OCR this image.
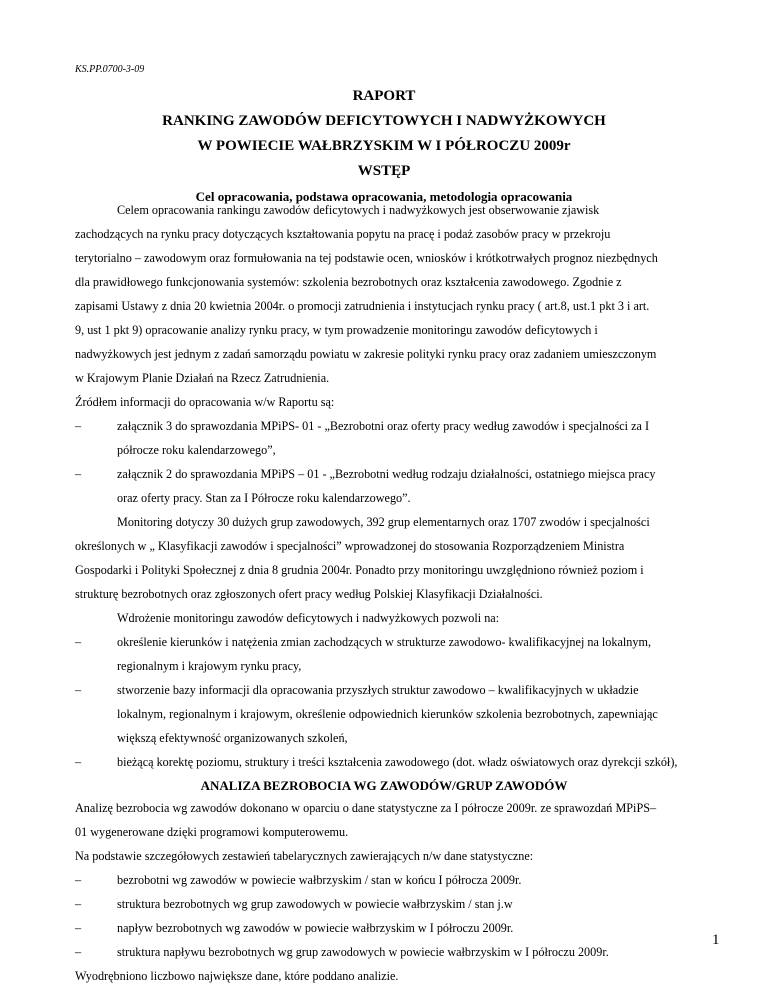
KS.PP.0700-3-09
RAPORT
RANKING ZAWODÓW DEFICYTOWYCH I NADWYŻKOWYCH
W POWIECIE WAŁBRZYSKIM W I PÓŁROCZU 2009r
WSTĘP
Cel opracowania, podstawa opracowania, metodologia opracowania
Celem opracowania rankingu zawodów deficytowych i nadwyżkowych jest obserwowanie zjawisk
zachodzących na rynku pracy dotyczących kształtowania popytu na pracę i podaż zasobów pracy w przekroju
terytorialno – zawodowym oraz formułowania na tej podstawie ocen, wniosków i krótkotrwałych prognoz niezbędnych
dla prawidłowego funkcjonowania systemów: szkolenia bezrobotnych oraz kształcenia zawodowego. Zgodnie z
zapisami Ustawy z dnia 20 kwietnia 2004r. o promocji zatrudnienia i instytucjach rynku pracy ( art.8, ust.1 pkt 3 i art.
9, ust 1 pkt 9) opracowanie analizy rynku pracy, w tym prowadzenie monitoringu zawodów deficytowych i
nadwyżkowych jest jednym z zadań samorządu powiatu w zakresie polityki rynku pracy oraz zadaniem umieszczonym
w Krajowym Planie Działań na Rzecz Zatrudnienia.
Źródłem informacji do opracowania w/w Raportu są:
–	załącznik 3 do sprawozdania MPiPS- 01 - „Bezrobotni oraz oferty pracy według zawodów i specjalności za I
półrocze roku kalendarzowego”,
–	załącznik 2 do sprawozdania MPiPS – 01 - „Bezrobotni według rodzaju działalności, ostatniego miejsca pracy
oraz oferty pracy. Stan za I Półrocze roku kalendarzowego”.
Monitoring dotyczy 30 dużych grup zawodowych, 392 grup elementarnych oraz 1707 zwodów i specjalności
określonych w „ Klasyfikacji zawodów i specjalności” wprowadzonej do stosowania Rozporządzeniem Ministra
Gospodarki i Polityki Społecznej z dnia 8 grudnia 2004r. Ponadto przy monitoringu uwzględniono również poziom i
strukturę bezrobotnych oraz zgłoszonych ofert pracy według Polskiej Klasyfikacji Działalności.
Wdrożenie monitoringu zawodów deficytowych i nadwyżkowych pozwoli na:
–	określenie kierunków i natężenia zmian zachodzących w strukturze zawodowo- kwalifikacyjnej na lokalnym,
regionalnym i krajowym rynku pracy,
–	stworzenie bazy informacji dla opracowania przyszłych struktur zawodowo – kwalifikacyjnych w układzie
lokalnym, regionalnym i krajowym, określenie odpowiednich kierunków szkolenia bezrobotnych, zapewniając
większą efektywność organizowanych szkoleń,
–	bieżącą korektę poziomu, struktury i treści kształcenia zawodowego (dot. władz oświatowych oraz dyrekcji szkół),
ANALIZA BEZROBOCIA WG ZAWODÓW/GRUP ZAWODÓW
Analizę bezrobocia wg zawodów dokonano w oparciu o dane statystyczne za I półrocze 2009r. ze sprawozdań MPiPS–
01 wygenerowane dzięki programowi komputerowemu.
Na podstawie szczegółowych zestawień tabelarycznych zawierających n/w dane statystyczne:
–	bezrobotni wg zawodów w powiecie wałbrzyskim / stan w końcu I półrocza 2009r.
–	struktura bezrobotnych wg grup zawodowych w powiecie wałbrzyskim / stan j.w
–	napływ bezrobotnych wg zawodów w powiecie wałbrzyskim w I półroczu 2009r.
–	struktura napływu bezrobotnych wg grup zawodowych w powiecie wałbrzyskim w I półroczu 2009r.
1
Wyodrębniono liczbowo największe dane, które poddano analizie.
